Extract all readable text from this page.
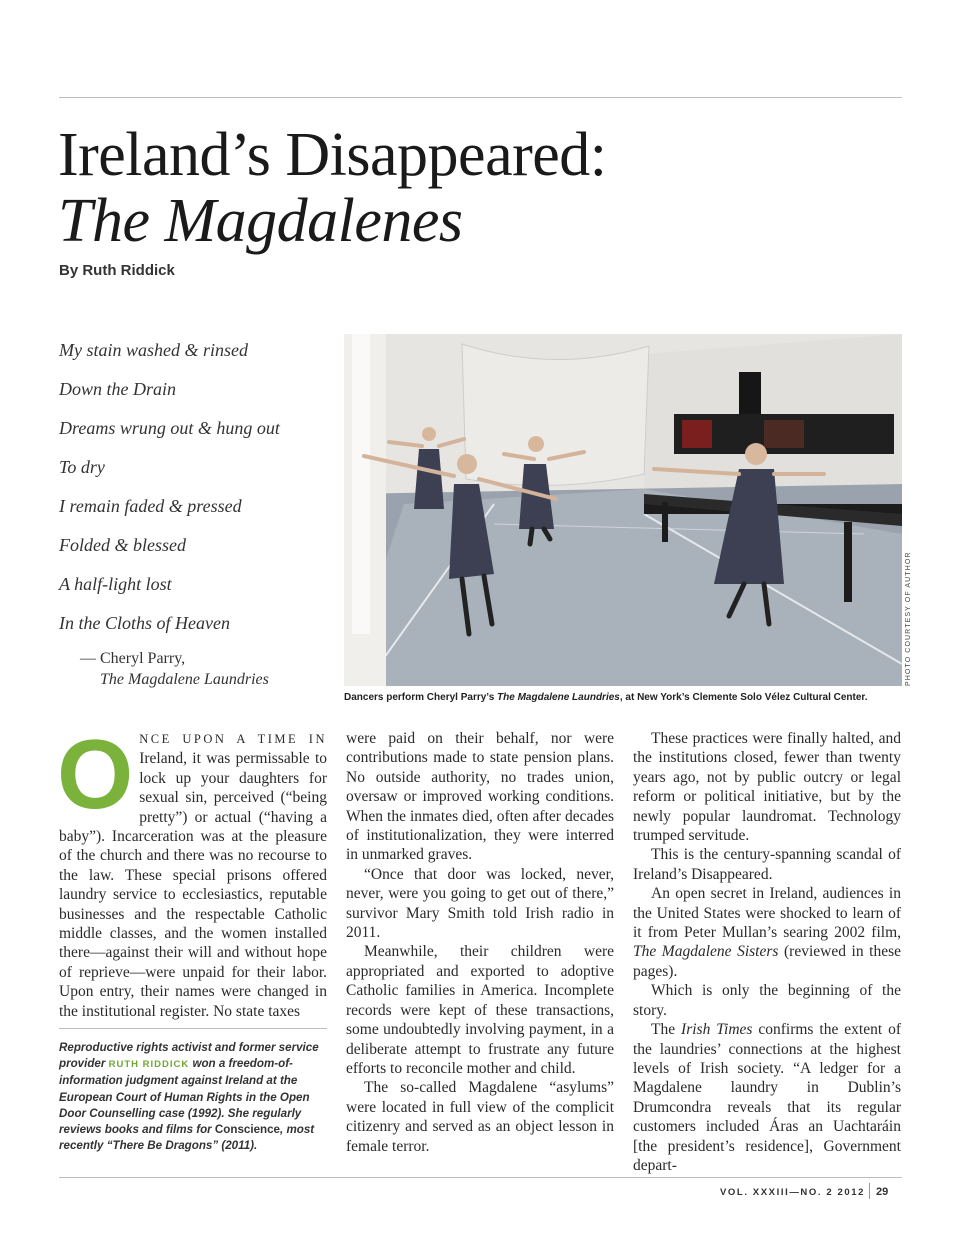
Ireland’s Disappeared:
The Magdalenes
By Ruth Riddick
My stain washed & rinsed
Down the Drain
Dreams wrung out & hung out
To dry
I remain faded & pressed
Folded & blessed
A half-light lost
In the Cloths of Heaven
— Cheryl Parry,
The Magdalene Laundries	PHOTO COURTESY OF AUTHOR
Dancers perform Cheryl Parry’s The Magdalene Laundries, at New York’s Clemente Solo Vélez Cultural Center.
O NCE UPON A TIME IN Ireland, it was permissable to lock up your daughters for sexual sin, perceived (“being pretty”) or actual (“having a baby”). Incarceration was at the pleasure of the church and there was no recourse to the law. These special prisons offered laundry service to ecclesiastics, reputable businesses and the respectable Catholic middle classes, and the women installed there—against their will and without hope of reprieve—were unpaid for their labor. Upon entry, their names were changed in the institutional register. No state taxes

were paid on their behalf, nor were contributions made to state pension plans. No outside authority, no trades union, oversaw or improved working conditions. When the inmates died, often after decades of institutionalization, they were interred in unmarked graves.

“Once that door was locked, never, never, were you going to get out of there,” survivor Mary Smith told Irish radio in 2011.

Meanwhile, their children were appropriated and exported to adoptive Catholic families in America. Incomplete records were kept of these transactions, some undoubtedly involving payment, in a deliberate attempt to frustrate any future efforts to reconcile mother and child.

The so-called Magdalene “asylums” were located in full view of the complicit citizenry and served as an object lesson in female terror.

These practices were finally halted, and the institutions closed, fewer than twenty years ago, not by public outcry or legal reform or political initiative, but by the newly popular laundromat. Technology trumped servitude.

This is the century-spanning scandal of Ireland’s Disappeared.

An open secret in Ireland, audiences in the United States were shocked to learn of it from Peter Mullan’s searing 2002 film, The Magdalene Sisters (reviewed in these pages).

Which is only the beginning of the story.

The Irish Times confirms the extent of the laundries’ connections at the highest levels of Irish society. “A ledger for a Magdalene laundry in Dublin’s Drumcondra reveals that its regular customers included Áras an Uachtaráin [the president’s residence], Government depart-

Reproductive rights activist and former service provider RUTH RIDDICK won a freedom-of-information judgment against Ireland at the European Court of Human Rights in the Open Door Counselling case (1992). She regularly reviews books and films for Conscience, most recently “There Be Dragons” (2011).
VOL. XXXIII—NO. 2 2012 29
